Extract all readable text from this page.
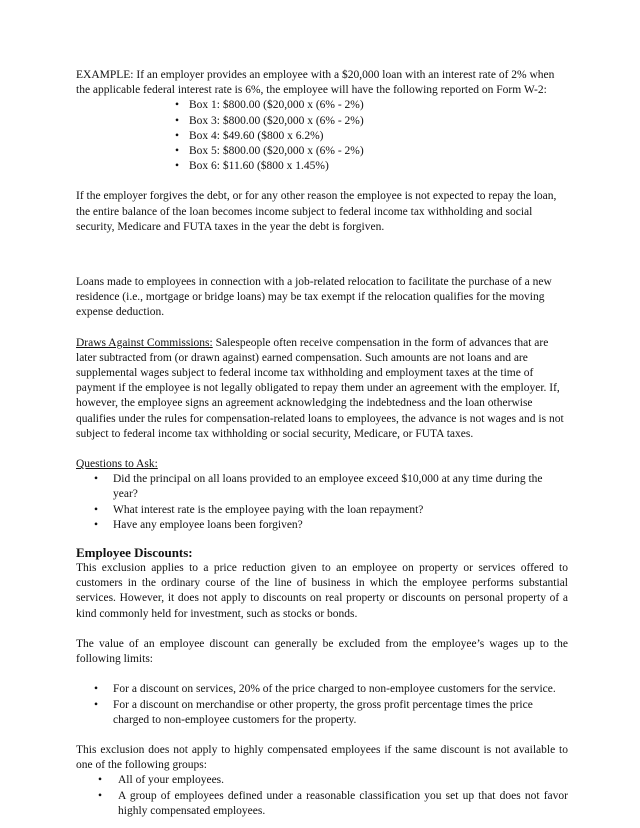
EXAMPLE: If an employer provides an employee with a $20,000 loan with an interest rate of 2% when the applicable federal interest rate is 6%, the employee will have the following reported on Form W-2:

• Box 1: $800.00 ($20,000 x (6% - 2%)
• Box 3: $800.00 ($20,000 x (6% - 2%)
• Box 4: $49.60 ($800 x 6.2%)
• Box 5: $800.00 ($20,000 x (6% - 2%)
• Box 6: $11.60 ($800 x 1.45%)

If the employer forgives the debt, or for any other reason the employee is not expected to repay the loan, the entire balance of the loan becomes income subject to federal income tax withholding and social security, Medicare and FUTA taxes in the year the debt is forgiven.

Loans made to employees in connection with a job-related relocation to facilitate the purchase of a new residence (i.e., mortgage or bridge loans) may be tax exempt if the relocation qualifies for the moving expense deduction.

Draws Against Commissions: Salespeople often receive compensation in the form of advances that are later subtracted from (or drawn against) earned compensation. Such amounts are not loans and are supplemental wages subject to federal income tax withholding and employment taxes at the time of payment if the employee is not legally obligated to repay them under an agreement with the employer. If, however, the employee signs an agreement acknowledging the indebtedness and the loan otherwise qualifies under the rules for compensation-related loans to employees, the advance is not wages and is not subject to federal income tax withholding or social security, Medicare, or FUTA taxes.

Questions to Ask:

• Did the principal on all loans provided to an employee exceed $10,000 at any time during the year?
• What interest rate is the employee paying with the loan repayment?
• Have any employee loans been forgiven?
Employee Discounts:

This exclusion applies to a price reduction given to an employee on property or services offered to customers in the ordinary course of the line of business in which the employee performs substantial services. However, it does not apply to discounts on real property or discounts on personal property of a kind commonly held for investment, such as stocks or bonds.

The value of an employee discount can generally be excluded from the employee’s wages up to the following limits:

• For a discount on services, 20% of the price charged to non-employee customers for the service.
• For a discount on merchandise or other property, the gross profit percentage times the price charged to non-employee customers for the property.

This exclusion does not apply to highly compensated employees if the same discount is not available to one of the following groups:

• All of your employees.
• A group of employees defined under a reasonable classification you set up that does not favor highly compensated employees.
